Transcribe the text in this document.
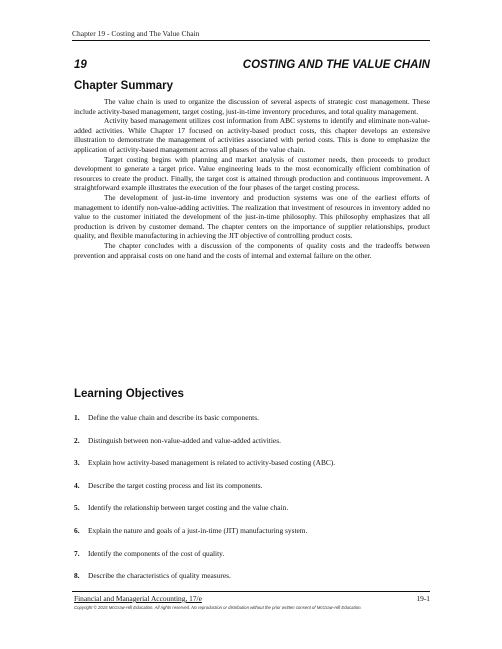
Chapter 19 - Costing and The Value Chain
19	COSTING AND THE VALUE CHAIN
Chapter Summary

The value chain is used to organize the discussion of several aspects of strategic cost management. These include activity-based management, target costing, just-in-time inventory procedures, and total quality management.

Activity based management utilizes cost information from ABC systems to identify and eliminate non-value-added activities. While Chapter 17 focused on activity-based product costs, this chapter develops an extensive illustration to demonstrate the management of activities associated with period costs. This is done to emphasize the application of activity-based management across all phases of the value chain.

Target costing begins with planning and market analysis of customer needs, then proceeds to product development to generate a target price. Value engineering leads to the most economically efficient combination of resources to create the product. Finally, the target cost is attained through production and continuous improvement. A straightforward example illustrates the execution of the four phases of the target costing process.

The development of just-in-time inventory and production systems was one of the earliest efforts of management to identify non-value-adding activities. The realization that investment of resources in inventory added no value to the customer initiated the development of the just-in-time philosophy. This philosophy emphasizes that all production is driven by customer demand. The chapter centers on the importance of supplier relationships, product quality, and flexible manufacturing in achieving the JIT objective of controlling product costs.

The chapter concludes with a discussion of the components of quality costs and the tradeoffs between prevention and appraisal costs on one hand and the costs of internal and external failure on the other.

Learning Objectives
1.	Define the value chain and describe its basic components.
2.	Distinguish between non-value-added and value-added activities.
3.	Explain how activity-based management is related to activity-based costing (ABC).
4.	Describe the target costing process and list its components.
5.	Identify the relationship between target costing and the value chain.
6.	Explain the nature and goals of a just-in-time (JIT) manufacturing system.
7.	Identify the components of the cost of quality.
8.	Describe the characteristics of quality measures.
Financial and Managerial Accounting, 17/e	19-1
Copyright © 2015 McGraw-Hill Education. All rights reserved. No reproduction or distribution without the prior written consent of McGraw-Hill Education.
